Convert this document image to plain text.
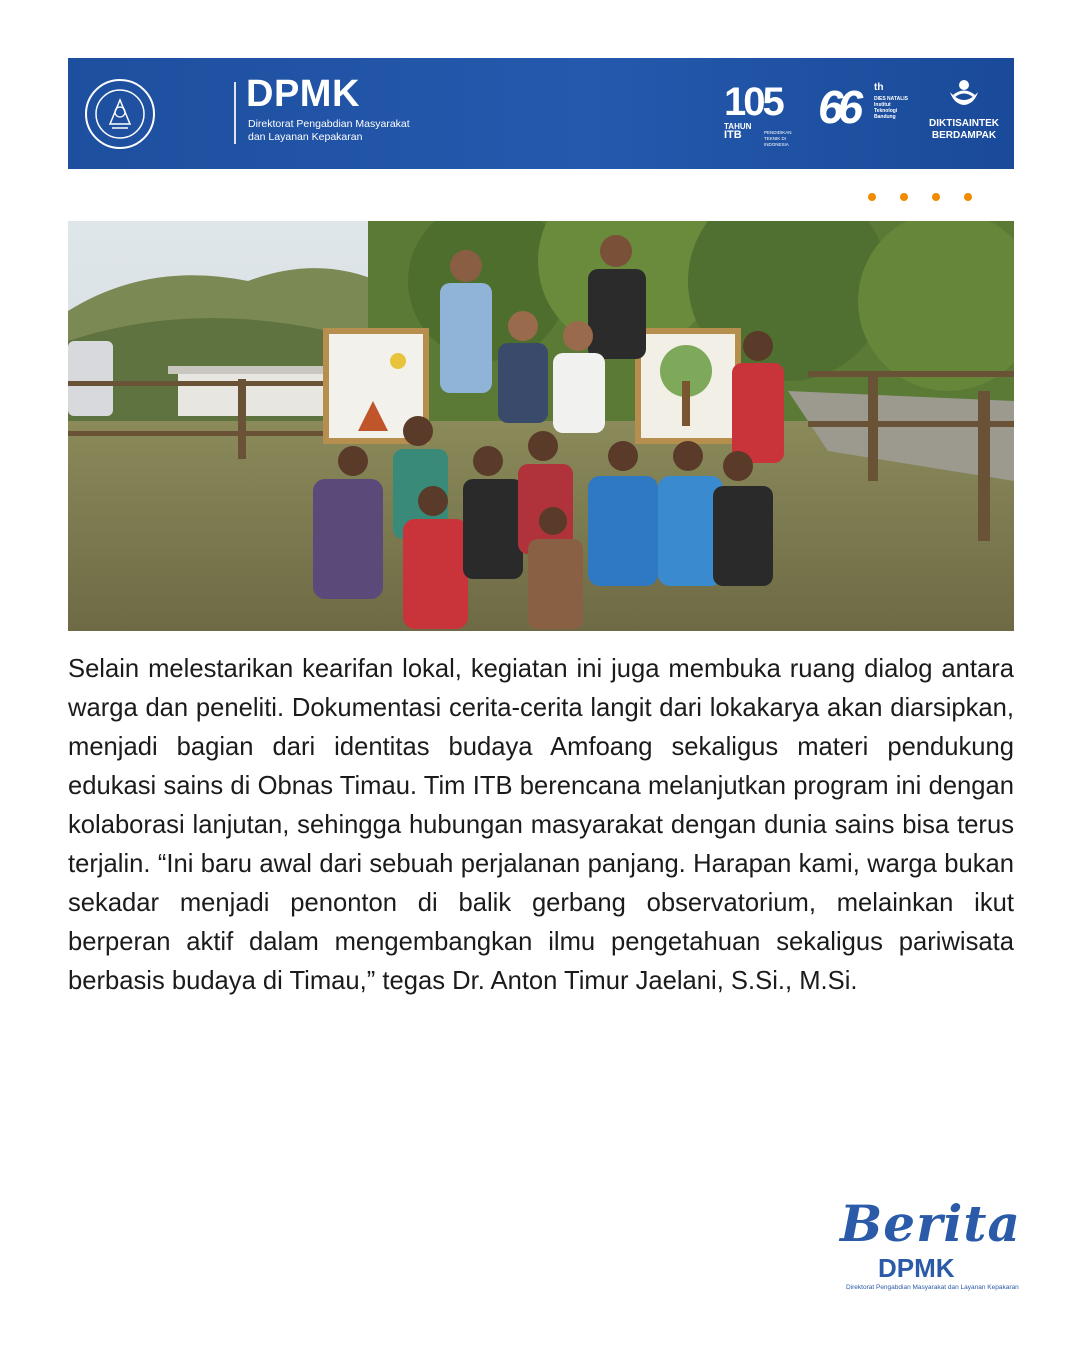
DPMK
Direktorat Pengabdian Masyarakat
dan Layanan Kepakaran
105
TAHUN
ITB	PENDIDIKAN TEKNIK DI INDONESIA
66 th
DIES NATALIS Institut Teknologi Bandung
DIKTISAINTEK
BERDAMPAK
Selain melestarikan kearifan lokal, kegiatan ini juga membuka ruang dialog antara warga dan peneliti. Dokumentasi cerita-cerita langit dari lokakarya akan diarsipkan, menjadi bagian dari identitas budaya Amfoang sekaligus materi pendukung edukasi sains di Obnas Timau. Tim ITB berencana melanjutkan program ini dengan kolaborasi lanjutan, sehingga hubungan masyarakat dengan dunia sains bisa terus terjalin. “Ini baru awal dari sebuah perjalanan panjang. Harapan kami, warga bukan sekadar menjadi penonton di balik gerbang observatorium, melainkan ikut berperan aktif dalam mengembangkan ilmu pengetahuan sekaligus pariwisata berbasis budaya di Timau,” tegas Dr. Anton Timur Jaelani, S.Si., M.Si.
Berita
DPMK
Direktorat Pengabdian Masyarakat dan Layanan Kepakaran
